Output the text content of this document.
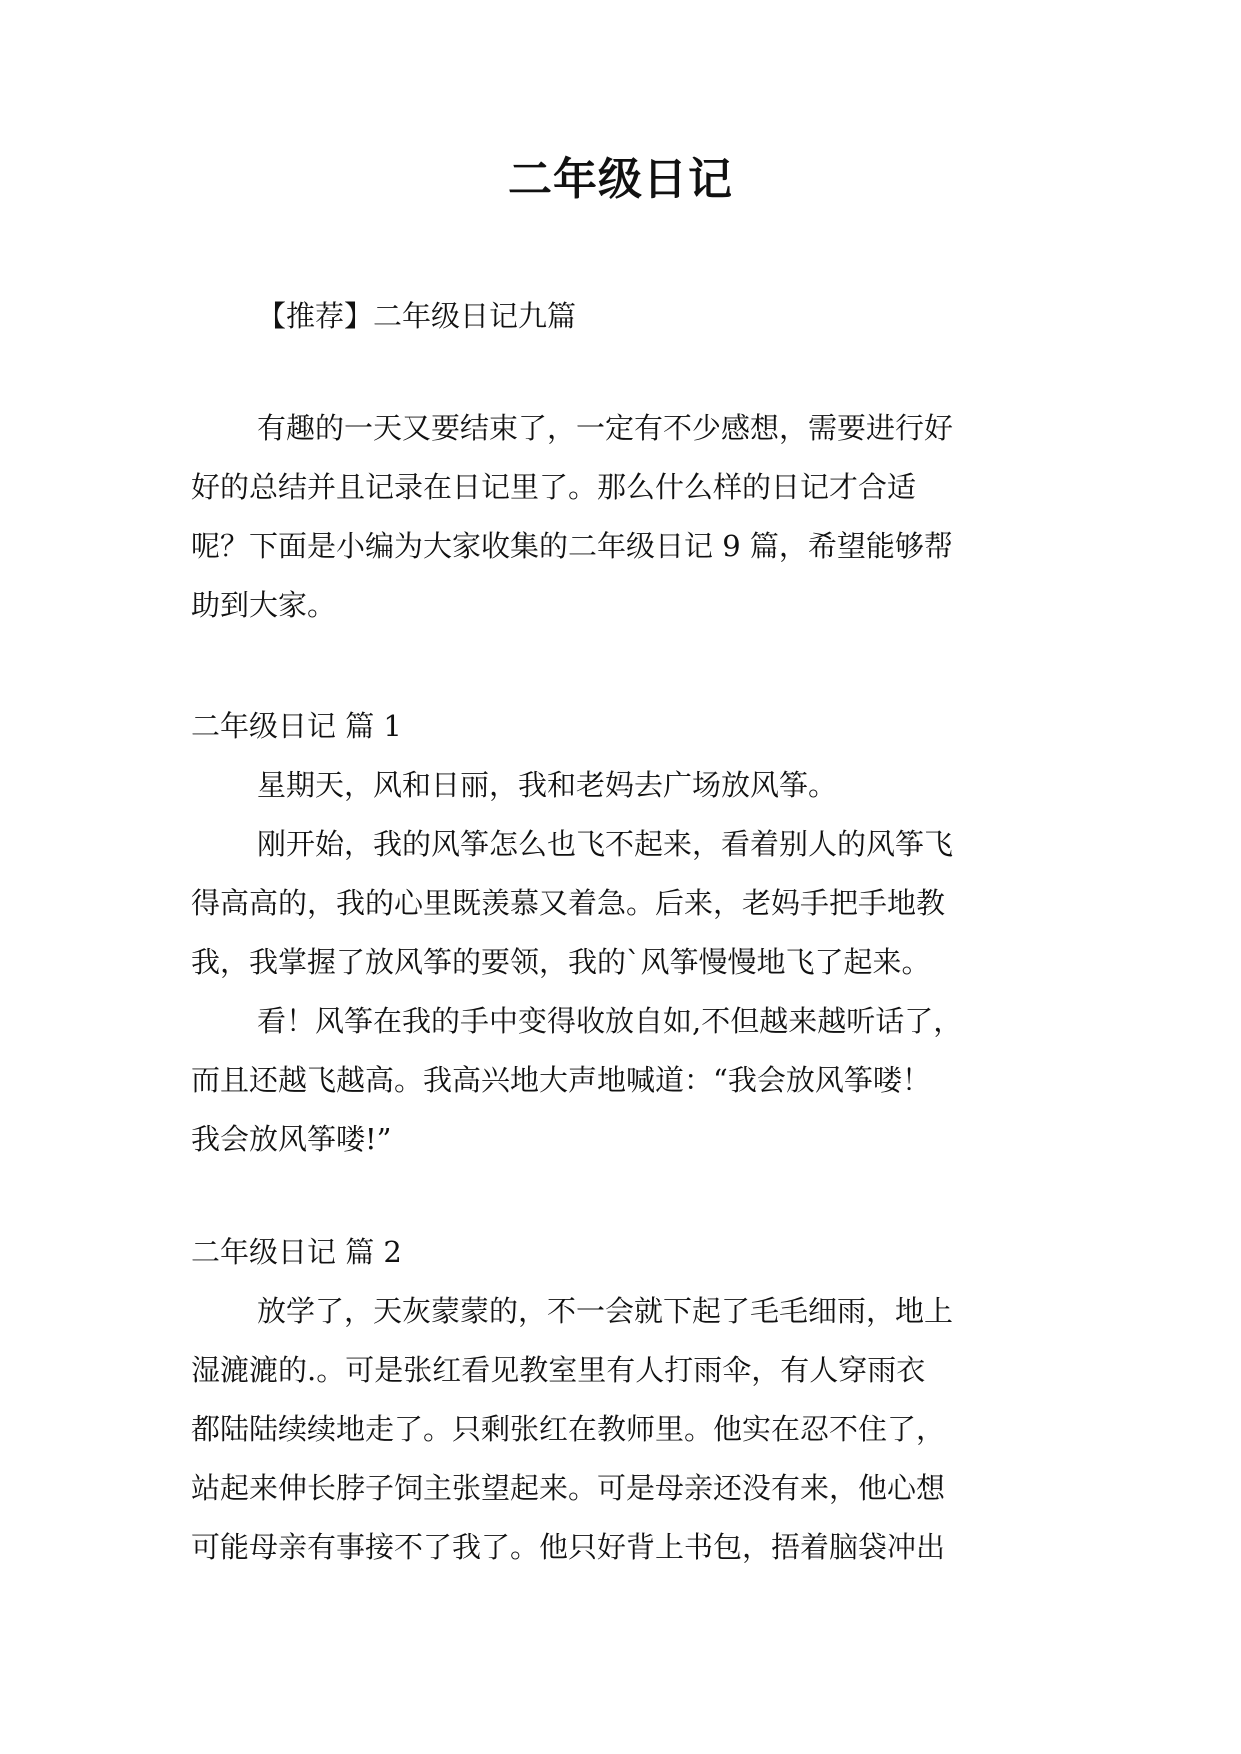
二年级日记
【推荐】二年级日记九篇
有趣的一天又要结束了，一定有不少感想，需要进行好
好的总结并且记录在日记里了。那么什么样的日记才合适
呢？下面是小编为大家收集的二年级日记 9 篇，希望能够帮
助到大家。
二年级日记 篇 1
星期天，风和日丽，我和老妈去广场放风筝。
刚开始，我的风筝怎么也飞不起来，看着别人的风筝飞
得高高的，我的心里既羡慕又着急。后来，老妈手把手地教
我，我掌握了放风筝的要领，我的`风筝慢慢地飞了起来。
看！风筝在我的手中变得收放自如,不但越来越听话了，
而且还越飞越高。我高兴地大声地喊道：“我会放风筝喽！
我会放风筝喽!”
二年级日记 篇 2
放学了，天灰蒙蒙的，不一会就下起了毛毛细雨，地上
湿漉漉的.。可是张红看见教室里有人打雨伞，有人穿雨衣
都陆陆续续地走了。只剩张红在教师里。他实在忍不住了，
站起来伸长脖子饲主张望起来。可是母亲还没有来，他心想
可能母亲有事接不了我了。他只好背上书包，捂着脑袋冲出
